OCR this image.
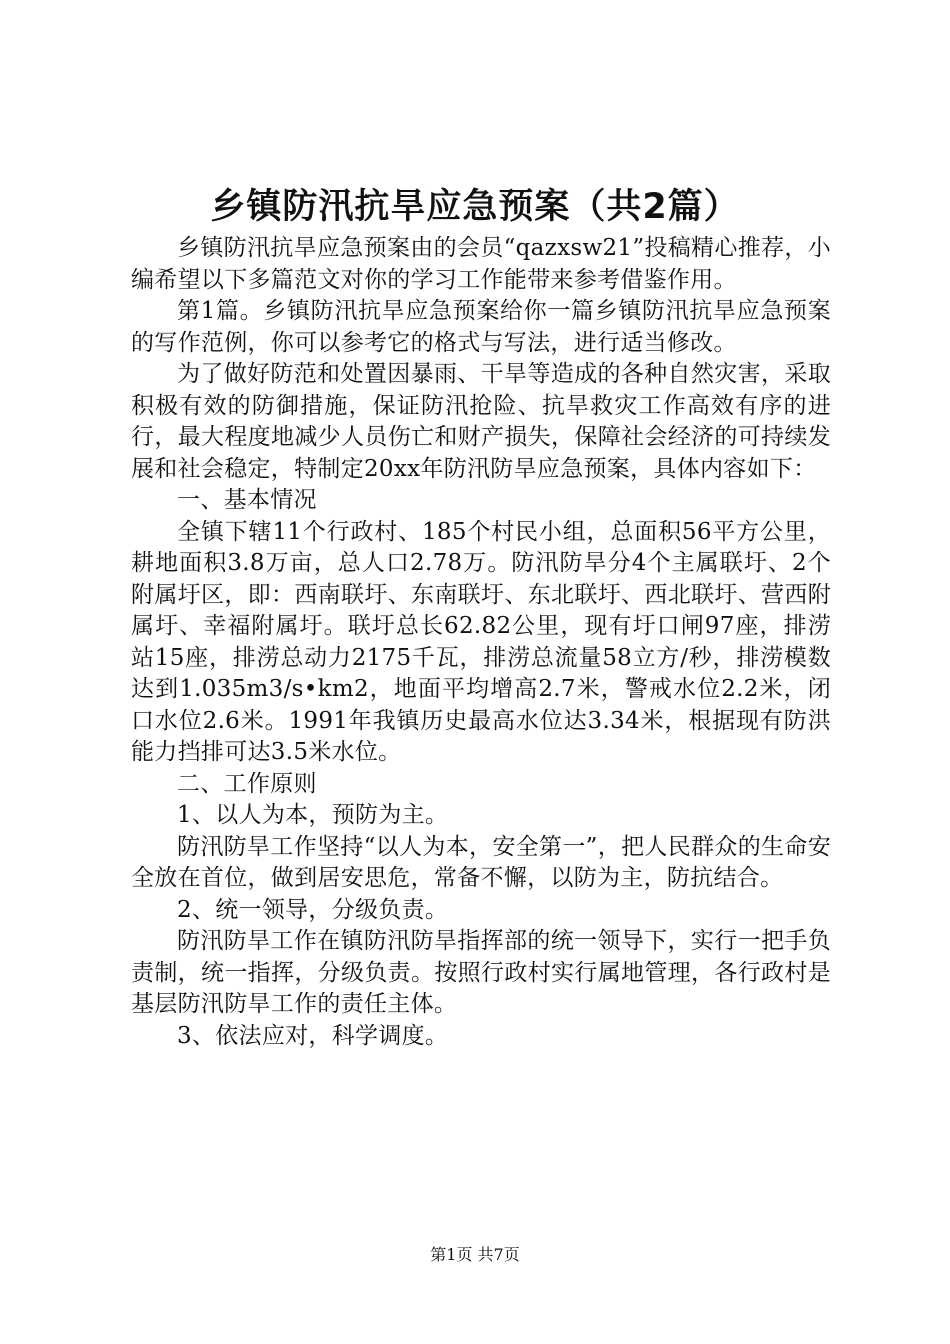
乡镇防汛抗旱应急预案（共2篇）

乡镇防汛抗旱应急预案由的会员“qazxsw21”投稿精心推荐，小编希望以下多篇范文对你的学习工作能带来参考借鉴作用。

第1篇。乡镇防汛抗旱应急预案给你一篇乡镇防汛抗旱应急预案的写作范例，你可以参考它的格式与写法，进行适当修改。

为了做好防范和处置因暴雨、干旱等造成的各种自然灾害，采取积极有效的防御措施，保证防汛抢险、抗旱救灾工作高效有序的进行，最大程度地减少人员伤亡和财产损失，保障社会经济的可持续发展和社会稳定，特制定20xx年防汛防旱应急预案，具体内容如下：

一、基本情况

全镇下辖11个行政村、185个村民小组，总面积56平方公里，耕地面积3.8万亩，总人口2.78万。防汛防旱分4个主属联圩、2个附属圩区，即：西南联圩、东南联圩、东北联圩、西北联圩、营西附属圩、幸福附属圩。联圩总长62.82公里，现有圩口闸97座，排涝站15座，排涝总动力2175千瓦，排涝总流量58立方/秒，排涝模数达到1.035m3/s•km2，地面平均增高2.7米，警戒水位2.2米，闭口水位2.6米。1991年我镇历史最高水位达3.34米，根据现有防洪能力挡排可达3.5米水位。

二、工作原则

1、以人为本，预防为主。

防汛防旱工作坚持“以人为本，安全第一”，把人民群众的生命安全放在首位，做到居安思危，常备不懈，以防为主，防抗结合。

2、统一领导，分级负责。

防汛防旱工作在镇防汛防旱指挥部的统一领导下，实行一把手负责制，统一指挥，分级负责。按照行政村实行属地管理，各行政村是基层防汛防旱工作的责任主体。

3、依法应对，科学调度。

第1页 共7页
